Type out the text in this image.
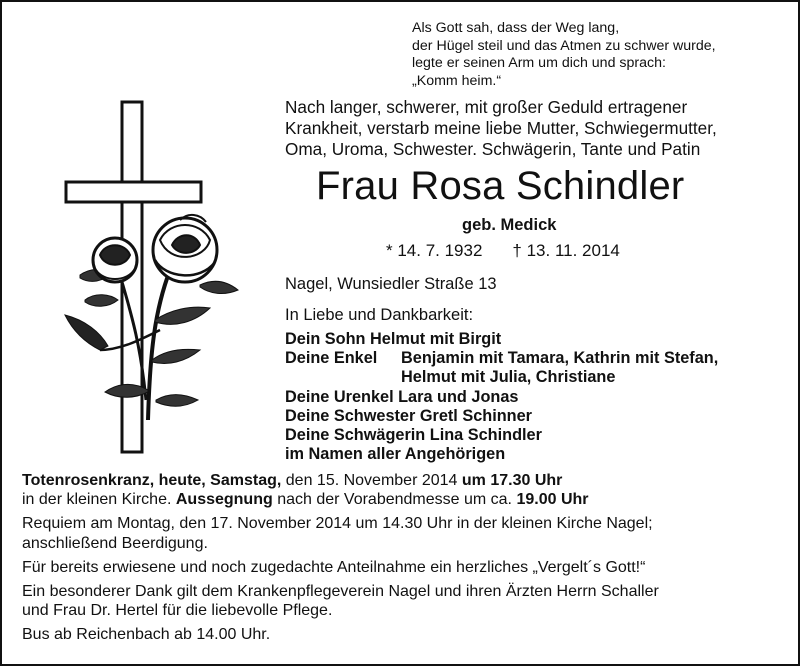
Als Gott sah, dass der Weg lang,
der Hügel steil und das Atmen zu schwer wurde,
legte er seinen Arm um dich und sprach:
„Komm heim.“
Nach langer, schwerer, mit großer Geduld ertragener
Krankheit, verstarb meine liebe Mutter, Schwiegermutter,
Oma, Uroma, Schwester. Schwägerin, Tante und Patin
Frau Rosa Schindler
geb. Medick
* 14. 7. 1932 † 13. 11. 2014
Nagel, Wunsiedler Straße 13
In Liebe und Dankbarkeit:
Dein Sohn Helmut mit Birgit
Deine Enkel Benjamin mit Tamara, Kathrin mit Stefan,
Helmut mit Julia, Christiane
Deine Urenkel Lara und Jonas
Deine Schwester Gretl Schinner
Deine Schwägerin Lina Schindler
im Namen aller Angehörigen
Totenrosenkranz, heute, Samstag, den 15. November 2014 um 17.30 Uhr
in der kleinen Kirche. Aussegnung nach der Vorabendmesse um ca. 19.00 Uhr
Requiem am Montag, den 17. November 2014 um 14.30 Uhr in der kleinen Kirche Nagel;
anschließend Beerdigung.
Für bereits erwiesene und noch zugedachte Anteilnahme ein herzliches „Vergelt´s Gott!“
Ein besonderer Dank gilt dem Krankenpflegeverein Nagel und ihren Ärzten Herrn Schaller
und Frau Dr. Hertel für die liebevolle Pflege.
Bus ab Reichenbach ab 14.00 Uhr.
